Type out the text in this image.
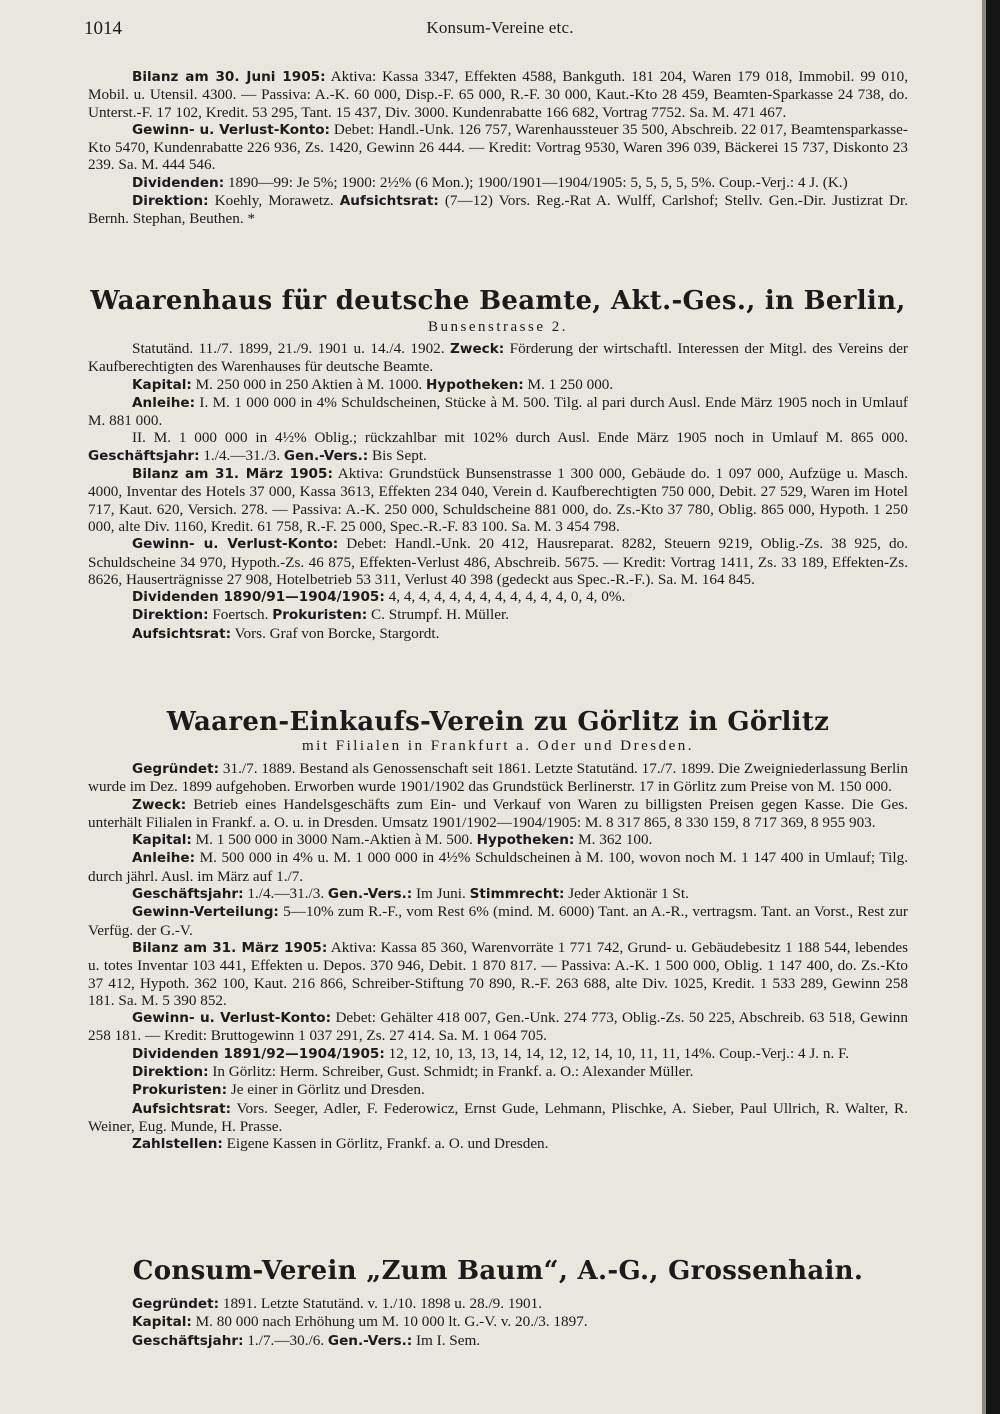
1014	Konsum-Vereine etc.

Bilanz am 30. Juni 1905: Aktiva: Kassa 3347, Effekten 4588, Bankguth. 181 204, Waren 179 018, Immobil. 99 010, Mobil. u. Utensil. 4300. — Passiva: A.-K. 60 000, Disp.-F. 65 000, R.-F. 30 000, Kaut.-Kto 28 459, Beamten-Sparkasse 24 738, do. Unterst.-F. 17 102, Kredit. 53 295, Tant. 15 437, Div. 3000. Kundenrabatte 166 682, Vortrag 7752. Sa. M. 471 467.

Gewinn- u. Verlust-Konto: Debet: Handl.-Unk. 126 757, Warenhaussteuer 35 500, Abschreib. 22 017, Beamtensparkasse-Kto 5470, Kundenrabatte 226 936, Zs. 1420, Gewinn 26 444. — Kredit: Vortrag 9530, Waren 396 039, Bäckerei 15 737, Diskonto 23 239. Sa. M. 444 546.

Dividenden: 1890—99: Je 5%; 1900: 2½% (6 Mon.); 1900/1901—1904/1905: 5, 5, 5, 5, 5%. Coup.-Verj.: 4 J. (K.)

Direktion: Koehly, Morawetz. Aufsichtsrat: (7—12) Vors. Reg.-Rat A. Wulff, Carlshof; Stellv. Gen.-Dir. Justizrat Dr. Bernh. Stephan, Beuthen. *

Waarenhaus für deutsche Beamte, Akt.-Ges., in Berlin,
Bunsenstrasse 2.

Statutänd. 11./7. 1899, 21./9. 1901 u. 14./4. 1902. Zweck: Förderung der wirtschaftl. Interessen der Mitgl. des Vereins der Kaufberechtigten des Warenhauses für deutsche Beamte.

Kapital: M. 250 000 in 250 Aktien à M. 1000. Hypotheken: M. 1 250 000.

Anleihe: I. M. 1 000 000 in 4% Schuldscheinen, Stücke à M. 500. Tilg. al pari durch Ausl. Ende März 1905 noch in Umlauf M. 881 000.

II. M. 1 000 000 in 4½% Oblig.; rückzahlbar mit 102% durch Ausl. Ende März 1905 noch in Umlauf M. 865 000. Geschäftsjahr: 1./4.—31./3. Gen.-Vers.: Bis Sept.

Bilanz am 31. März 1905: Aktiva: Grundstück Bunsenstrasse 1 300 000, Gebäude do. 1 097 000, Aufzüge u. Masch. 4000, Inventar des Hotels 37 000, Kassa 3613, Effekten 234 040, Verein d. Kaufberechtigten 750 000, Debit. 27 529, Waren im Hotel 717, Kaut. 620, Versich. 278. — Passiva: A.-K. 250 000, Schuldscheine 881 000, do. Zs.-Kto 37 780, Oblig. 865 000, Hypoth. 1 250 000, alte Div. 1160, Kredit. 61 758, R.-F. 25 000, Spec.-R.-F. 83 100. Sa. M. 3 454 798.

Gewinn- u. Verlust-Konto: Debet: Handl.-Unk. 20 412, Hausreparat. 8282, Steuern 9219, Oblig.-Zs. 38 925, do. Schuldscheine 34 970, Hypoth.-Zs. 46 875, Effekten-Verlust 486, Abschreib. 5675. — Kredit: Vortrag 1411, Zs. 33 189, Effekten-Zs. 8626, Hauserträgnisse 27 908, Hotelbetrieb 53 311, Verlust 40 398 (gedeckt aus Spec.-R.-F.). Sa. M. 164 845.

Dividenden 1890/91—1904/1905: 4, 4, 4, 4, 4, 4, 4, 4, 4, 4, 4, 4, 0, 4, 0%.

Direktion: Foertsch. Prokuristen: C. Strumpf. H. Müller.

Aufsichtsrat: Vors. Graf von Borcke, Stargordt.

Waaren-Einkaufs-Verein zu Görlitz in Görlitz
mit Filialen in Frankfurt a. Oder und Dresden.

Gegründet: 31./7. 1889. Bestand als Genossenschaft seit 1861. Letzte Statutänd. 17./7. 1899. Die Zweigniederlassung Berlin wurde im Dez. 1899 aufgehoben. Erworben wurde 1901/1902 das Grundstück Berlinerstr. 17 in Görlitz zum Preise von M. 150 000.

Zweck: Betrieb eines Handelsgeschäfts zum Ein- und Verkauf von Waren zu billigsten Preisen gegen Kasse. Die Ges. unterhält Filialen in Frankf. a. O. u. in Dresden. Umsatz 1901/1902—1904/1905: M. 8 317 865, 8 330 159, 8 717 369, 8 955 903.

Kapital: M. 1 500 000 in 3000 Nam.-Aktien à M. 500. Hypotheken: M. 362 100.

Anleihe: M. 500 000 in 4% u. M. 1 000 000 in 4½% Schuldscheinen à M. 100, wovon noch M. 1 147 400 in Umlauf; Tilg. durch jährl. Ausl. im März auf 1./7.

Geschäftsjahr: 1./4.—31./3. Gen.-Vers.: Im Juni. Stimmrecht: Jeder Aktionär 1 St.

Gewinn-Verteilung: 5—10% zum R.-F., vom Rest 6% (mind. M. 6000) Tant. an A.-R., vertragsm. Tant. an Vorst., Rest zur Verfüg. der G.-V.

Bilanz am 31. März 1905: Aktiva: Kassa 85 360, Warenvorräte 1 771 742, Grund- u. Gebäudebesitz 1 188 544, lebendes u. totes Inventar 103 441, Effekten u. Depos. 370 946, Debit. 1 870 817. — Passiva: A.-K. 1 500 000, Oblig. 1 147 400, do. Zs.-Kto 37 412, Hypoth. 362 100, Kaut. 216 866, Schreiber-Stiftung 70 890, R.-F. 263 688, alte Div. 1025, Kredit. 1 533 289, Gewinn 258 181. Sa. M. 5 390 852.

Gewinn- u. Verlust-Konto: Debet: Gehälter 418 007, Gen.-Unk. 274 773, Oblig.-Zs. 50 225, Abschreib. 63 518, Gewinn 258 181. — Kredit: Bruttogewinn 1 037 291, Zs. 27 414. Sa. M. 1 064 705.

Dividenden 1891/92—1904/1905: 12, 12, 10, 13, 13, 14, 14, 12, 12, 14, 10, 11, 11, 14%. Coup.-Verj.: 4 J. n. F.

Direktion: In Görlitz: Herm. Schreiber, Gust. Schmidt; in Frankf. a. O.: Alexander Müller.

Prokuristen: Je einer in Görlitz und Dresden.

Aufsichtsrat: Vors. Seeger, Adler, F. Federowicz, Ernst Gude, Lehmann, Plischke, A. Sieber, Paul Ullrich, R. Walter, R. Weiner, Eug. Munde, H. Prasse.

Zahlstellen: Eigene Kassen in Görlitz, Frankf. a. O. und Dresden.

Consum-Verein „Zum Baum“, A.-G., Grossenhain.

Gegründet: 1891. Letzte Statutänd. v. 1./10. 1898 u. 28./9. 1901.

Kapital: M. 80 000 nach Erhöhung um M. 10 000 lt. G.-V. v. 20./3. 1897.

Geschäftsjahr: 1./7.—30./6. Gen.-Vers.: Im I. Sem.
